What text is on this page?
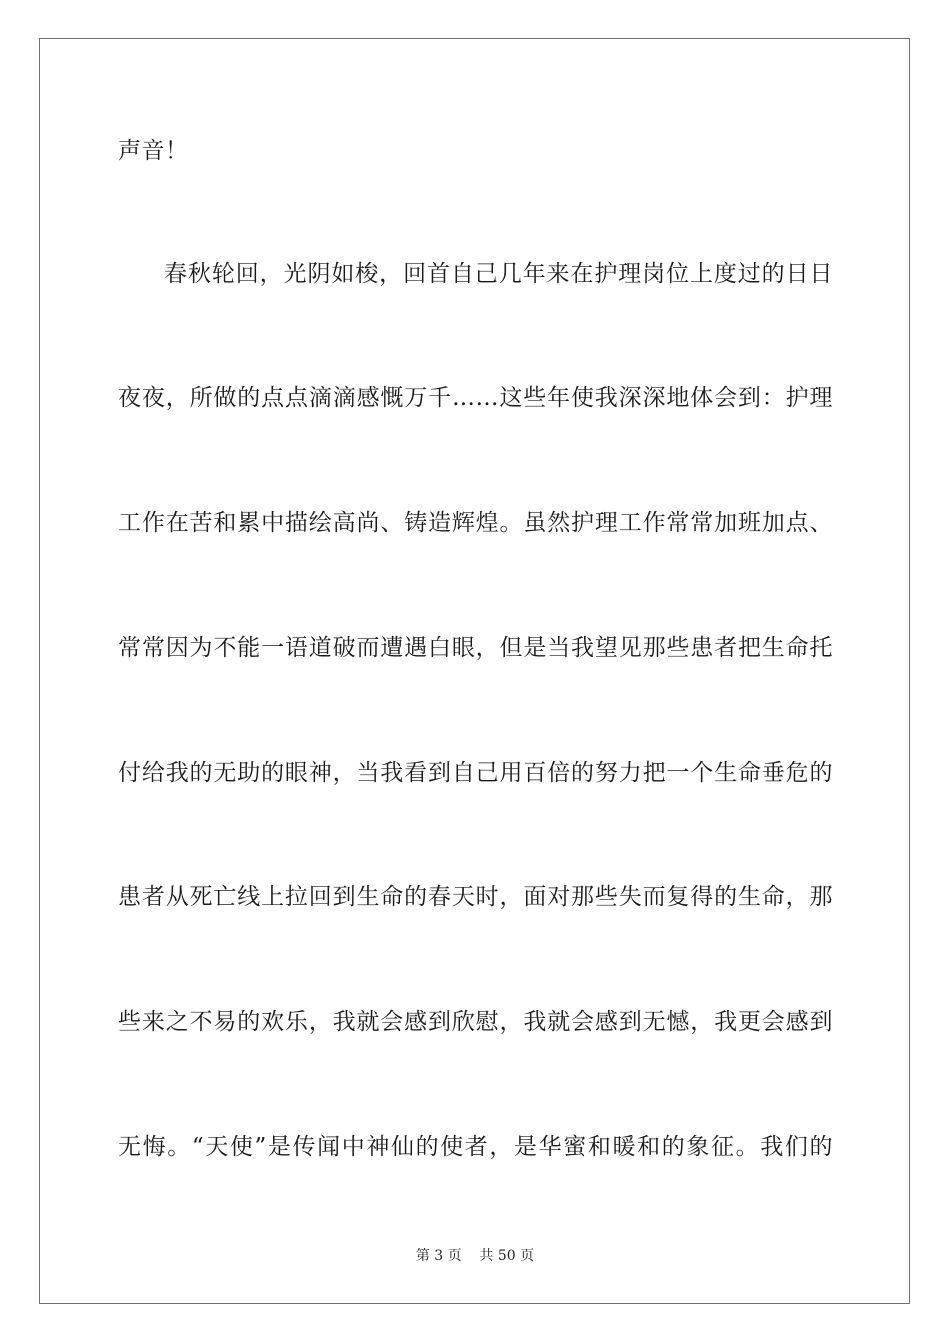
声音！
春秋轮回，光阴如梭，回首自己几年来在护理岗位上度过的日日
夜夜，所做的点点滴滴感慨万千……这些年使我深深地体会到：护理
工作在苦和累中描绘高尚、铸造辉煌。虽然护理工作常常加班加点、
常常因为不能一语道破而遭遇白眼，但是当我望见那些患者把生命托
付给我的无助的眼神，当我看到自己用百倍的努力把一个生命垂危的
患者从死亡线上拉回到生命的春天时，面对那些失而复得的生命，那
些来之不易的欢乐，我就会感到欣慰，我就会感到无憾，我更会感到
无悔。“天使”是传闻中神仙的使者，是华蜜和暖和的象征。我们的
第 3 页    共 50 页
